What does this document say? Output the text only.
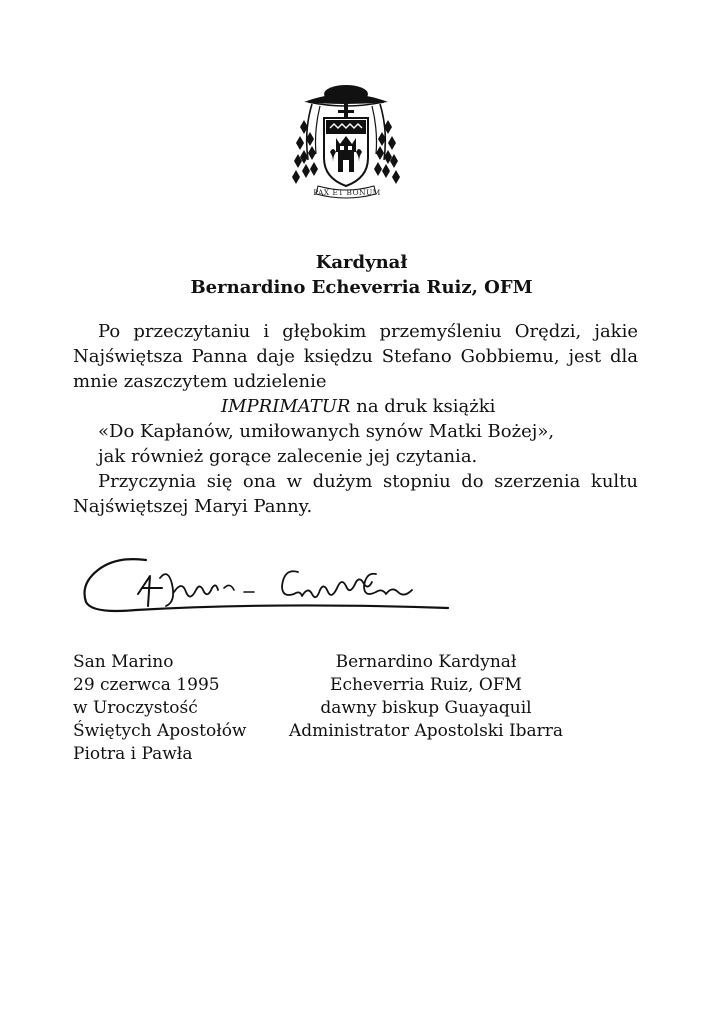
PAX ET BONUM
Kardynał
Bernardino Echeverria Ruiz, OFM
Po przeczytaniu i głębokim przemyśleniu Orędzi, jakie
Najświętsza Panna daje księdzu Stefano Gobbiemu, jest dla
mnie zaszczytem udzielenie
IMPRIMATUR na druk książki
«Do Kapłanów, umiłowanych synów Matki Bożej»,
jak również gorące zalecenie jej czytania.
Przyczynia się ona w dużym stopniu do szerzenia kultu
Najświętszej Maryi Panny.
San Marino
29 czerwca 1995
w Uroczystość
Świętych Apostołów
Piotra i Pawła
Bernardino Kardynał
Echeverria Ruiz, OFM
dawny biskup Guayaquil
Administrator Apostolski Ibarra
